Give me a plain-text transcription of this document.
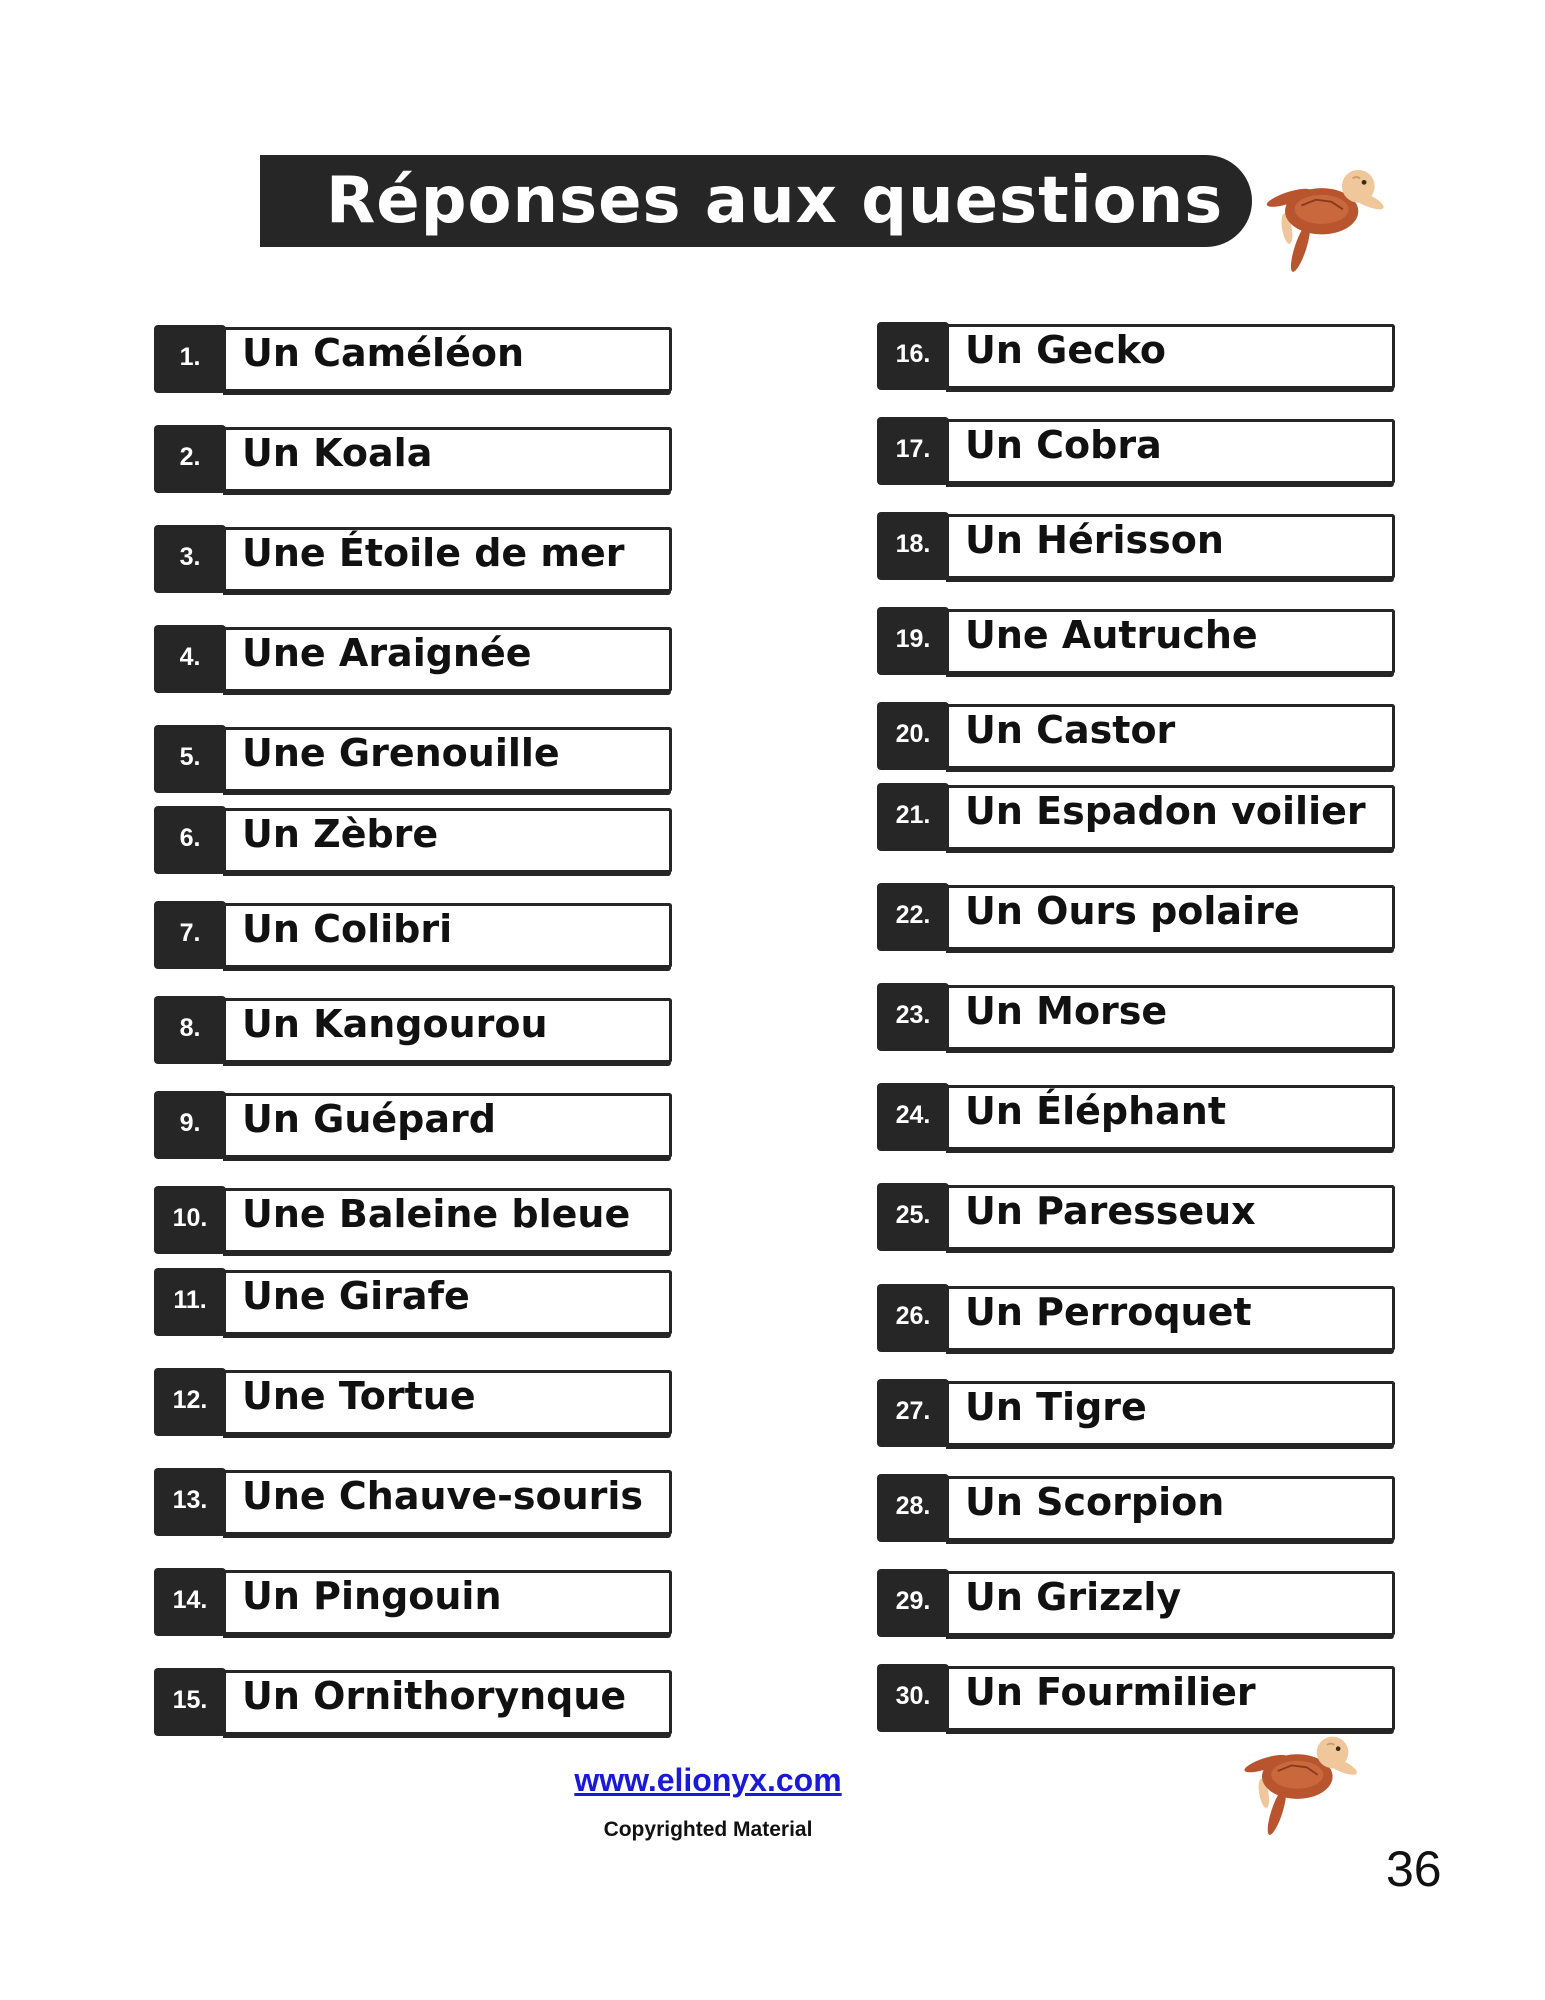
Réponses aux questions
1.	Un Caméléon
2.	Un Koala
3.	Une Étoile de mer
4.	Une Araignée
5.	Une Grenouille
6.	Un Zèbre
7.	Un Colibri
8.	Un Kangourou
9.	Un Guépard
10. Une Baleine bleue
11. Une Girafe
12. Une Tortue
13. Une Chauve-souris
14. Un Pingouin
15. Un Ornithorynque
16. Un Gecko
17. Un Cobra
18. Un Hérisson
19. Une Autruche
20. Un Castor
21. Un Espadon voilier
22. Un Ours polaire
23. Un Morse
24. Un Éléphant
25. Un Paresseux
26. Un Perroquet
27. Un Tigre
28. Un Scorpion
29. Un Grizzly
30. Un Fourmilier
www.elionyx.com
Copyrighted Material
36
